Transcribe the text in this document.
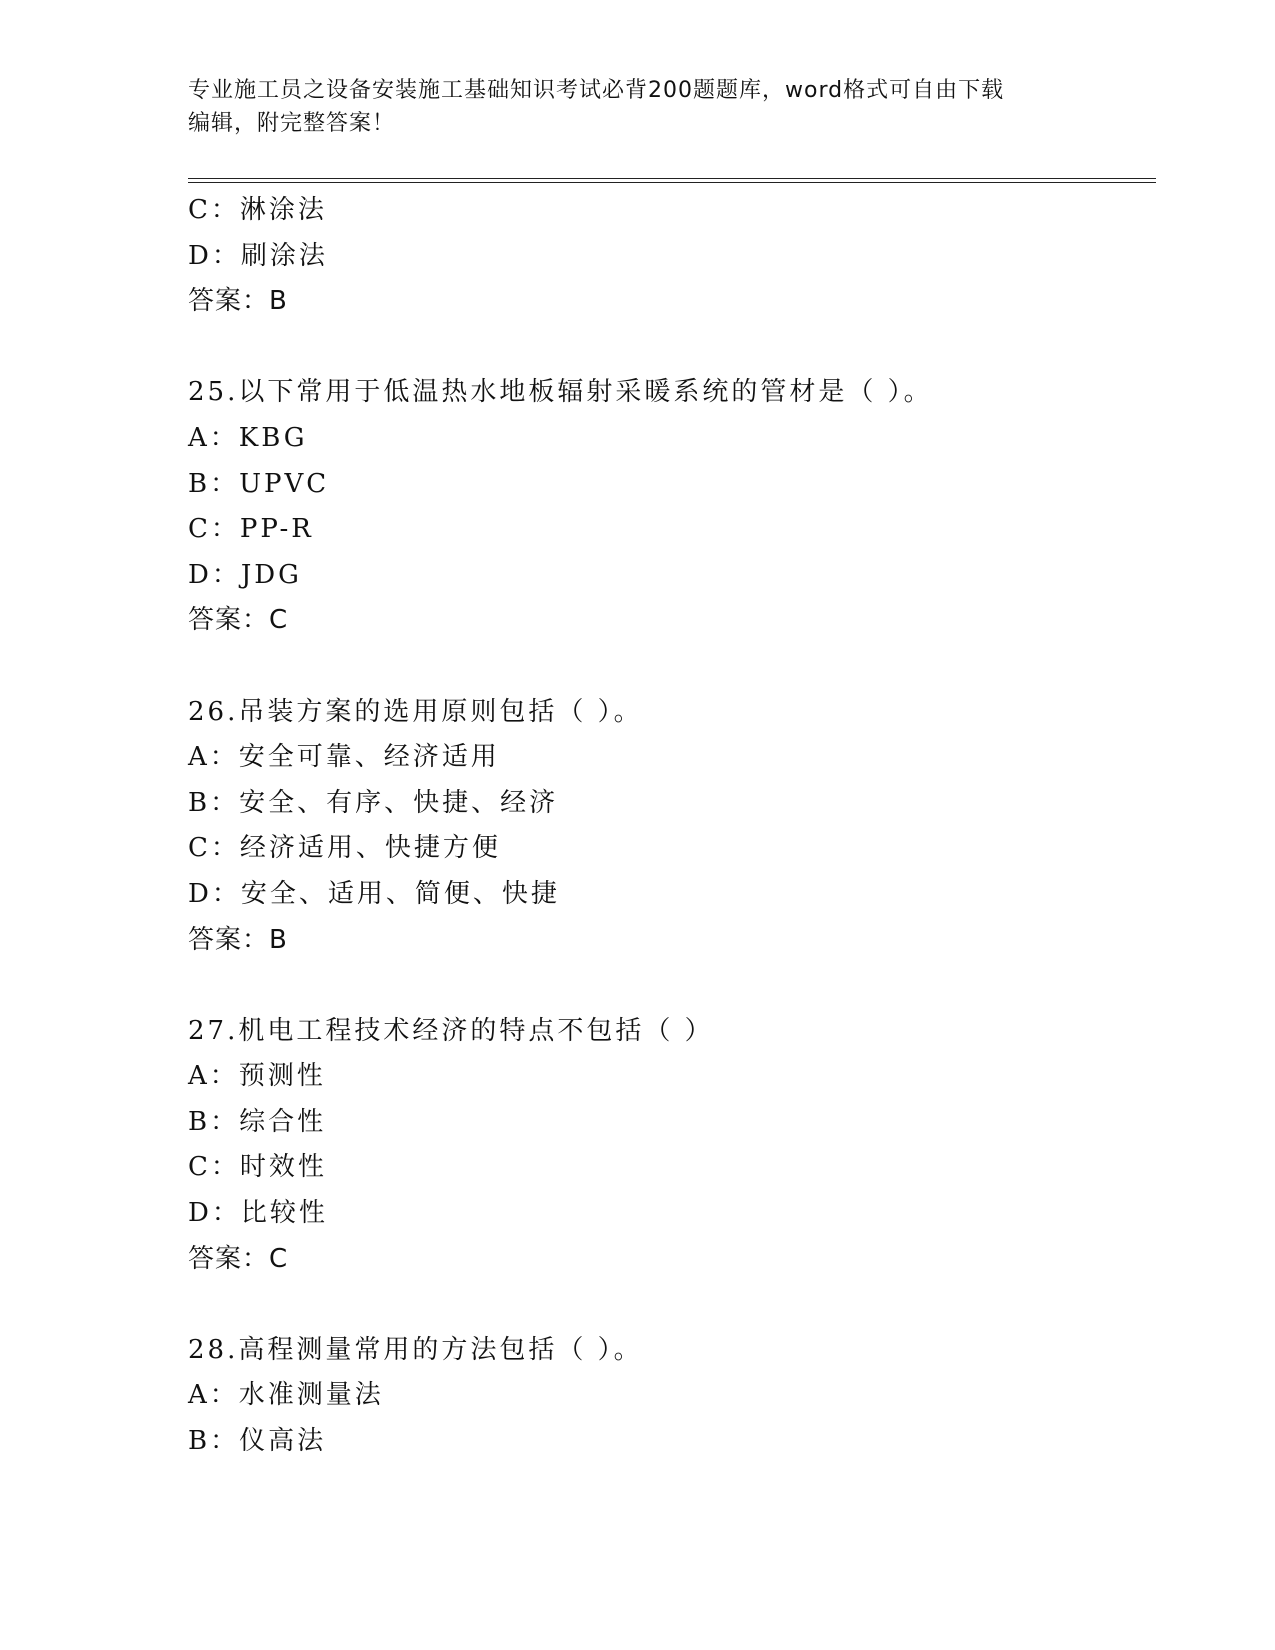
专业施工员之设备安装施工基础知识考试必背200题题库，word格式可自由下载
编辑，附完整答案！
C：淋涂法
D：刷涂法
答案：B
25.以下常用于低温热水地板辐射采暖系统的管材是（ ）。
A：KBG
B：UPVC
C：PP-R
D：JDG
答案：C
26.吊装方案的选用原则包括（ ）。
A：安全可靠、经济适用
B：安全、有序、快捷、经济
C：经济适用、快捷方便
D：安全、适用、简便、快捷
答案：B
27.机电工程技术经济的特点不包括（ ）
A：预测性
B：综合性
C：时效性
D：比较性
答案：C
28.高程测量常用的方法包括（ ）。
A：水准测量法
B：仪高法
